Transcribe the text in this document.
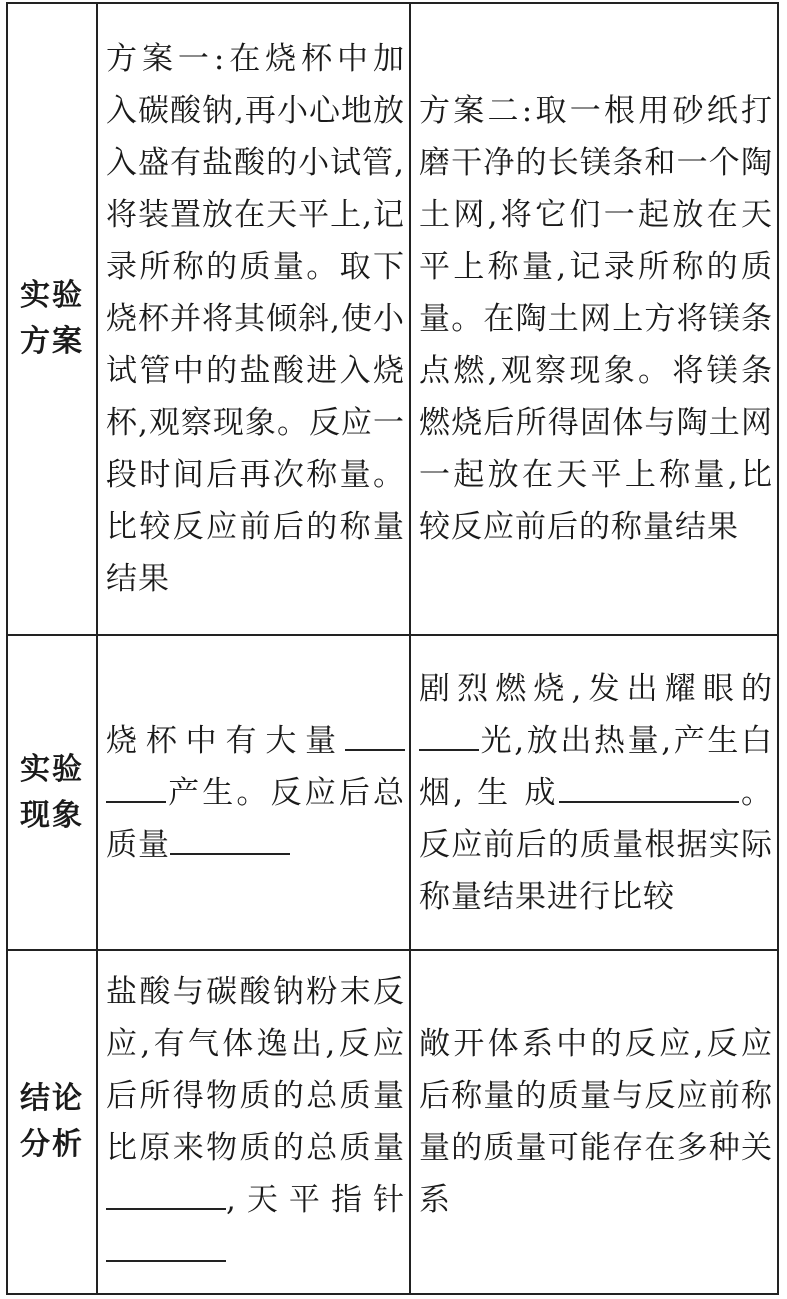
实验方案
方案一:在烧杯中加入碳酸钠,再小心地放入盛有盐酸的小试管,将装置放在天平上,记录所称的质量。取下烧杯并将其倾斜,使小试管中的盐酸进入烧杯,观察现象。反应一段时间后再次称量。比较反应前后的称量结果
方案二:取一根用砂纸打磨干净的长镁条和一个陶土网,将它们一起放在天平上称量,记录所称的质量。在陶土网上方将镁条点燃,观察现象。将镁条燃烧后所得固体与陶土网一起放在天平上称量,比较反应前后的称量结果
实验现象
烧杯中有大量产生。反应后总质量
剧烈燃烧,发出耀眼的光,放出热量,产生白 烟, 生 成	。反应前后的质量根据实际称量结果进行比较
结论分析
盐酸与碳酸钠粉末反应,有气体逸出,反应后所得物质的总质量比原来物质的总质量,天平指针
敞开体系中的反应,反应后称量的质量与反应前称量的质量可能存在多种关系
